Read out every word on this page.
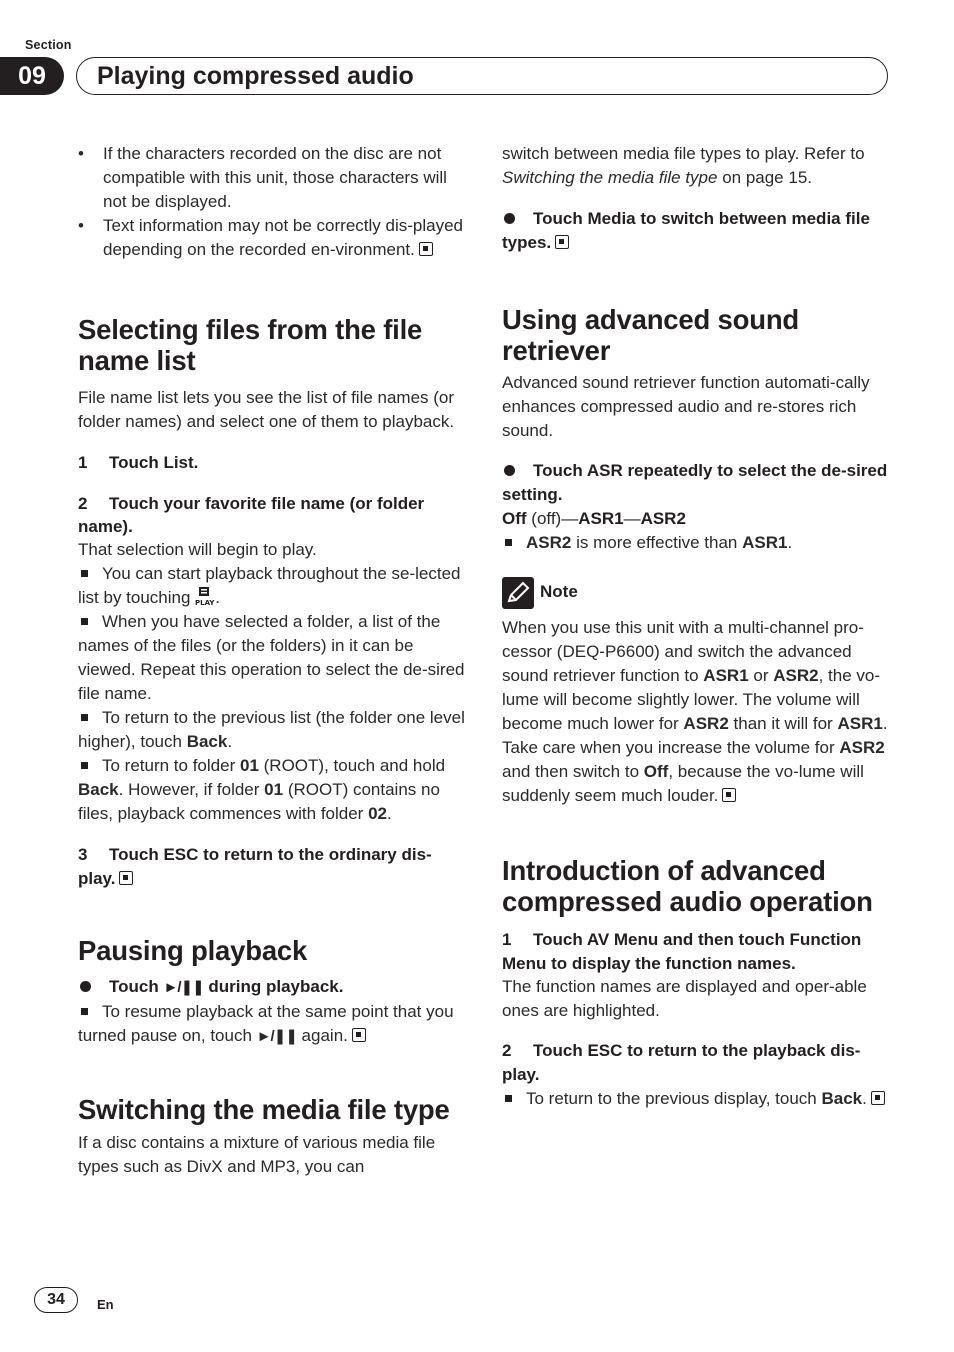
Section
09	Playing compressed audio

• If the characters recorded on the disc are not compatible with this unit, those characters will not be displayed.

• Text information may not be correctly dis-played depending on the recorded en-vironment.

Selecting files from the file name list

File name list lets you see the list of file names (or folder names) and select one of them to playback.

1 Touch List.

2 Touch your favorite file name (or folder name).

That selection will begin to play.

You can start playback throughout the se-lected list by touching PLAY .

When you have selected a folder, a list of the names of the files (or the folders) in it can be viewed. Repeat this operation to select the de-sired file name.

To return to the previous list (the folder one level higher), touch Back.

To return to folder 01 (ROOT), touch and hold Back. However, if folder 01 (ROOT) contains no files, playback commences with folder 02.

3 Touch ESC to return to the ordinary dis-play.

Pausing playback

Touch ►/❚❚ during playback.

To resume playback at the same point that you turned pause on, touch ►/❚❚ again.

Switching the media file type

If a disc contains a mixture of various media file types such as DivX and MP3, you can

switch between media file types to play. Refer to Switching the media file type on page 15.

Touch Media to switch between media file types.

Using advanced sound retriever

Advanced sound retriever function automati-cally enhances compressed audio and re-stores rich sound.

Touch ASR repeatedly to select the de-sired setting.

Off (off)—ASR1—ASR2

ASR2 is more effective than ASR1.

Note

When you use this unit with a multi-channel pro-cessor (DEQ-P6600) and switch the advanced sound retriever function to ASR1 or ASR2, the vo-lume will become slightly lower. The volume will become much lower for ASR2 than it will for ASR1. Take care when you increase the volume for ASR2 and then switch to Off, because the vo-lume will suddenly seem much louder.

Introduction of advanced compressed audio operation

1 Touch AV Menu and then touch Function Menu to display the function names.

The function names are displayed and oper-able ones are highlighted.

2 Touch ESC to return to the playback dis-play.

To return to the previous display, touch Back.

34	En
